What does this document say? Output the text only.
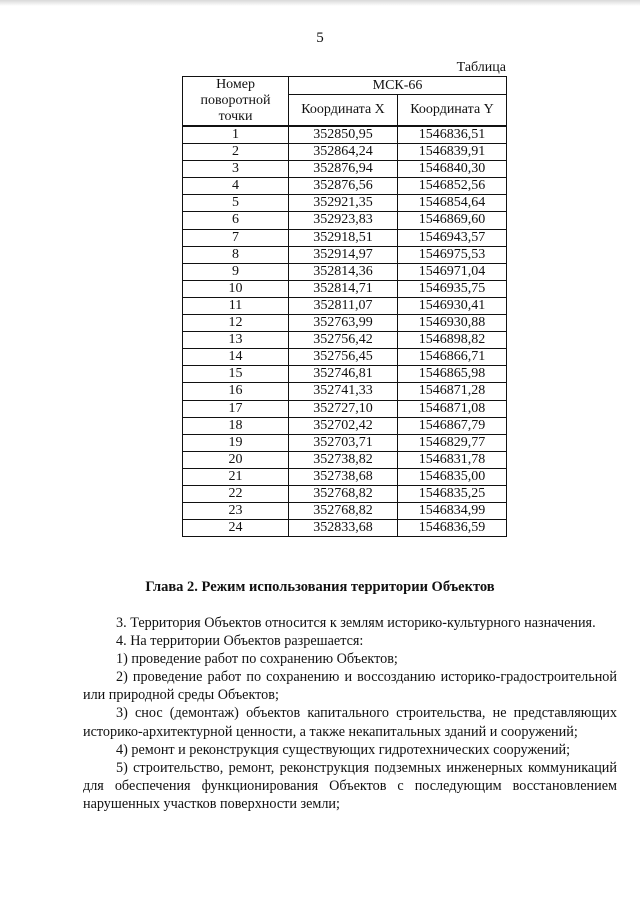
5
Таблица
Номер поворотной точки	МСК-66	
	Координата X	Координата Y
1	352850,95	1546836,51
2	352864,24	1546839,91
3	352876,94	1546840,30
4	352876,56	1546852,56
5	352921,35	1546854,64
6	352923,83	1546869,60
7	352918,51	1546943,57
8	352914,97	1546975,53
9	352814,36	1546971,04
10	352814,71	1546935,75
11	352811,07	1546930,41
12	352763,99	1546930,88
13	352756,42	1546898,82
14	352756,45	1546866,71
15	352746,81	1546865,98
16	352741,33	1546871,28
17	352727,10	1546871,08
18	352702,42	1546867,79
19	352703,71	1546829,77
20	352738,82	1546831,78
21	352738,68	1546835,00
22	352768,82	1546835,25
23	352768,82	1546834,99
24	352833,68	1546836,59
Глава 2. Режим использования территории Объектов

3. Территория Объектов относится к землям историко-культурного назначения.

4. На территории Объектов разрешается:

1) проведение работ по сохранению Объектов;

2) проведение работ по сохранению и воссозданию историко-градостроительной или природной среды Объектов;

3) снос (демонтаж) объектов капитального строительства, не представляющих историко-архитектурной ценности, а также некапитальных зданий и сооружений;

4) ремонт и реконструкция существующих гидротехнических сооружений;

5) строительство, ремонт, реконструкция подземных инженерных коммуникаций для обеспечения функционирования Объектов с последующим восстановлением нарушенных участков поверхности земли;
